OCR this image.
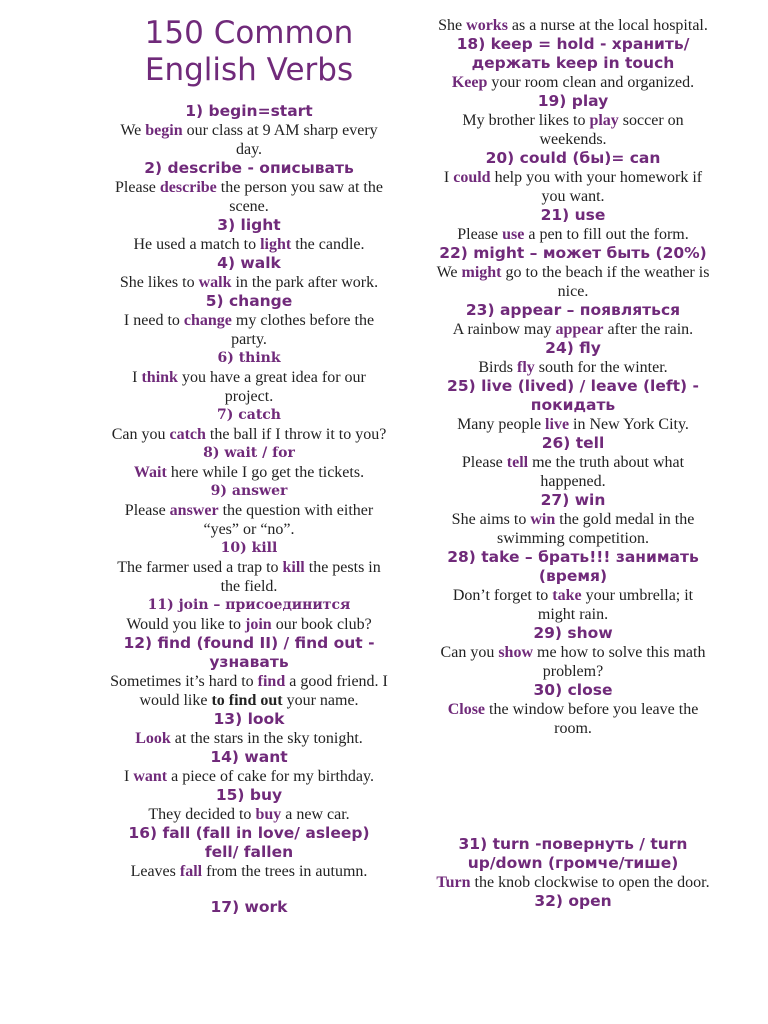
150 Common
English Verbs

1) begin=start

We begin our class at 9 AM sharp every day.

2) describe - описывать

Please describe the person you saw at the scene.

3) light

He used a match to light the candle.

4) walk

She likes to walk in the park after work.

5) change

I need to change my clothes before the party.

6) think

I think you have a great idea for our project.

7) catch

Can you catch the ball if I throw it to you?

8) wait / for

Wait here while I go get the tickets.

9) answer

Please answer the question with either “yes” or “no”.

10) kill

The farmer used a trap to kill the pests in the field.

11) join – присоединится

Would you like to join our book club?

12) find (found II) / find out - узнавать

Sometimes it’s hard to find a good friend. I would like to find out your name.

13) look

Look at the stars in the sky tonight.

14) want

I want a piece of cake for my birthday.

15) buy

They decided to buy a new car.

16) fall (fall in love/ asleep) fell/ fallen

Leaves fall from the trees in autumn.

17) work

She works as a nurse at the local hospital.

18) keep = hold - хранить/держать keep in touch

Keep your room clean and organized.

19) play

My brother likes to play soccer on weekends.

20) could (бы)= can

I could help you with your homework if you want.

21) use

Please use a pen to fill out the form.

22) might – может быть (20%)

We might go to the beach if the weather is nice.

23) appear – появляться

A rainbow may appear after the rain.

24) fly

Birds fly south for the winter.

25) live (lived) / leave (left) - покидать

Many people live in New York City.

26) tell

Please tell me the truth about what happened.

27) win

She aims to win the gold medal in the swimming competition.

28) take – брать!!! занимать (время)

Don’t forget to take your umbrella; it might rain.

29) show

Can you show me how to solve this math problem?

30) close

Close the window before you leave the room.

31) turn -повернуть / turn up/down (громче/тише)

Turn the knob clockwise to open the door.

32) open
